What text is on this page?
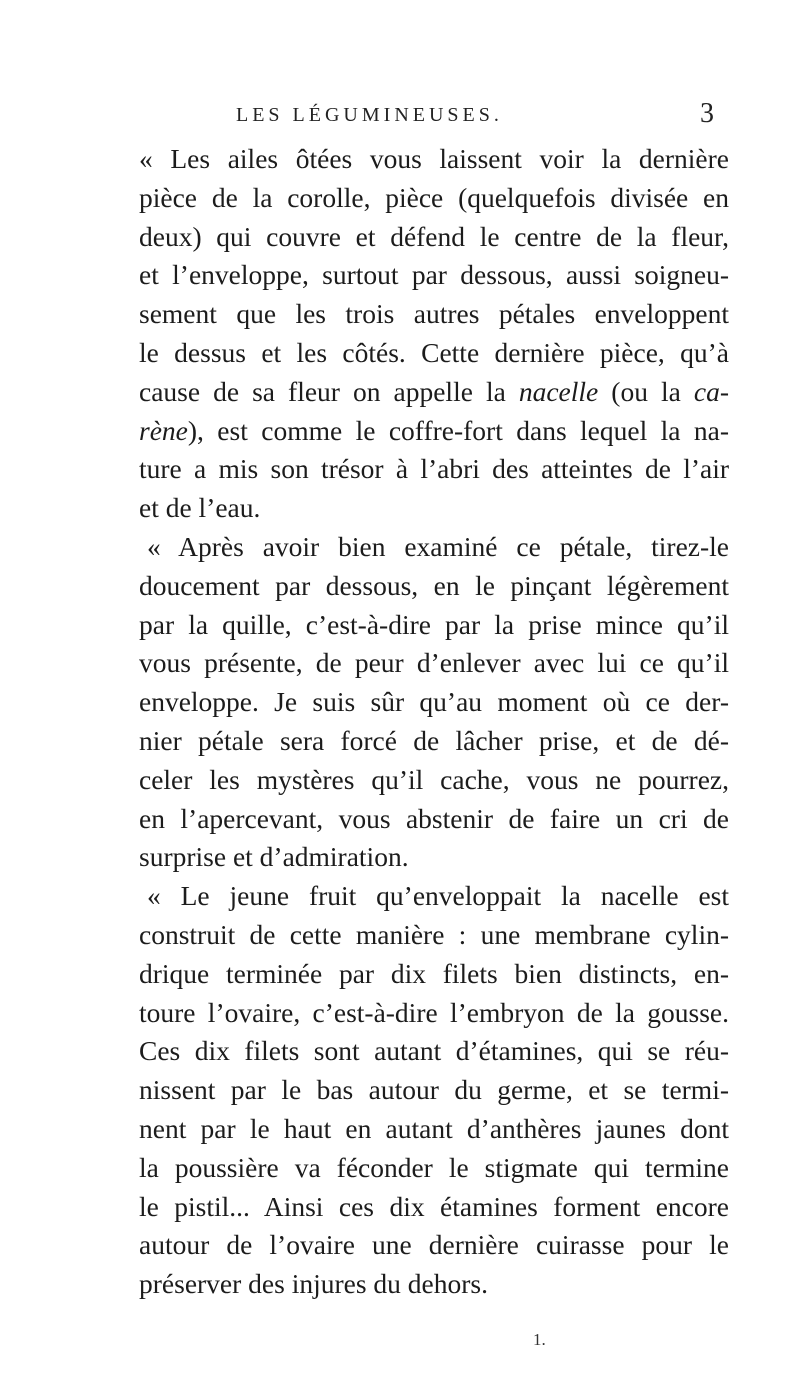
LES LÉGUMINEUSES.	3
« Les ailes ôtées vous laissent voir la dernière
pièce de la corolle, pièce (quelquefois divisée en
deux) qui couvre et défend le centre de la fleur,
et l’enveloppe, surtout par dessous, aussi soigneu-
sement que les trois autres pétales enveloppent
le dessus et les côtés. Cette dernière pièce, qu’à
cause de sa fleur on appelle la nacelle (ou la ca-
rène), est comme le coffre-fort dans lequel la na-
ture a mis son trésor à l’abri des atteintes de l’air
et de l’eau.
« Après avoir bien examiné ce pétale, tirez-le
doucement par dessous, en le pinçant légèrement
par la quille, c’est-à-dire par la prise mince qu’il
vous présente, de peur d’enlever avec lui ce qu’il
enveloppe. Je suis sûr qu’au moment où ce der-
nier pétale sera forcé de lâcher prise, et de dé-
celer les mystères qu’il cache, vous ne pourrez,
en l’apercevant, vous abstenir de faire un cri de
surprise et d’admiration.
« Le jeune fruit qu’enveloppait la nacelle est
construit de cette manière : une membrane cylin-
drique terminée par dix filets bien distincts, en-
toure l’ovaire, c’est-à-dire l’embryon de la gousse.
Ces dix filets sont autant d’étamines, qui se réu-
nissent par le bas autour du germe, et se termi-
nent par le haut en autant d’anthères jaunes dont
la poussière va féconder le stigmate qui termine
le pistil... Ainsi ces dix étamines forment encore
autour de l’ovaire une dernière cuirasse pour le
préserver des injures du dehors.
1.
